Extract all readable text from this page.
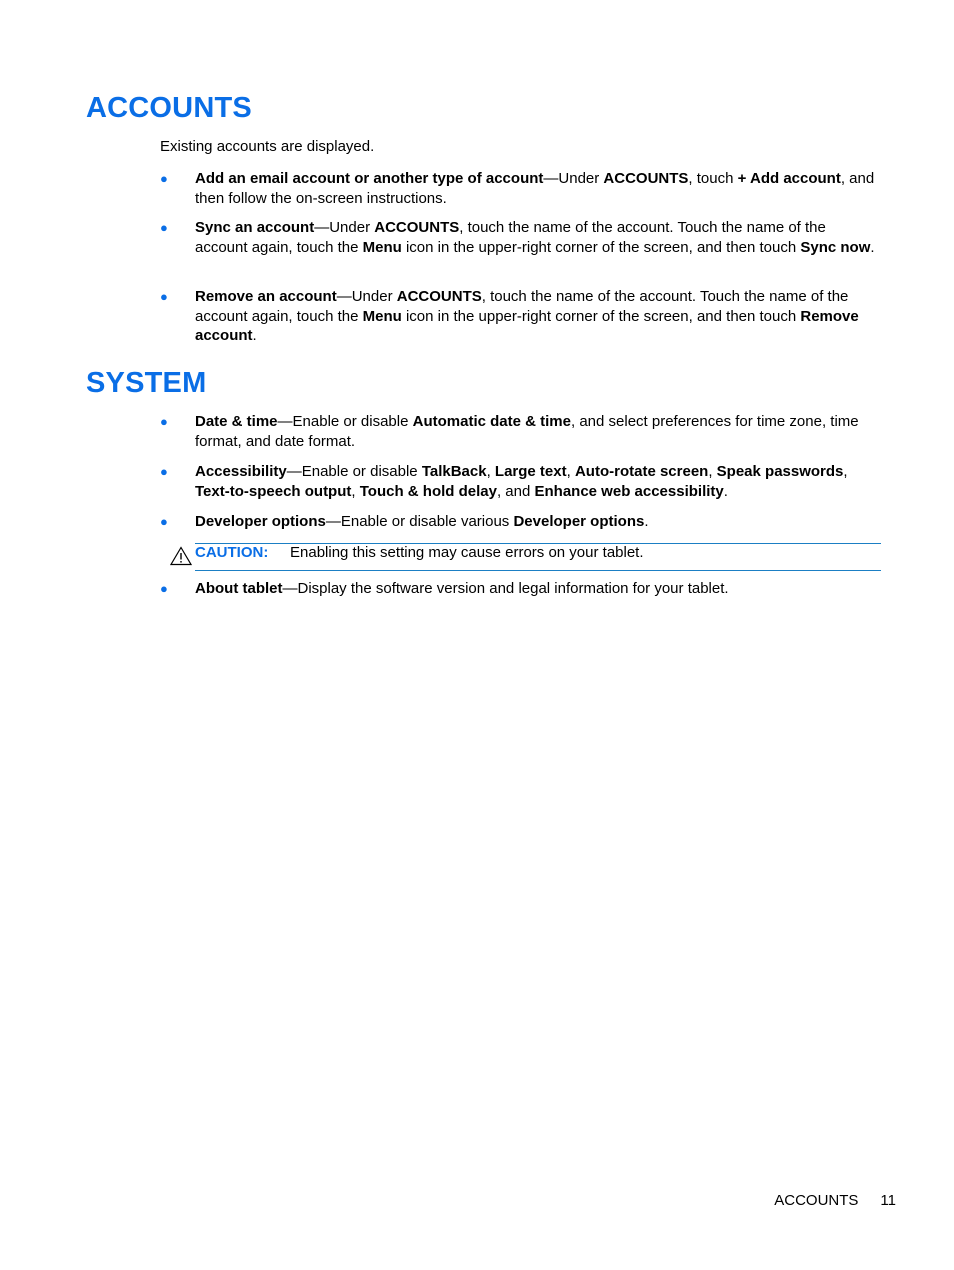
ACCOUNTS

Existing accounts are displayed.

● Add an email account or another type of account—Under ACCOUNTS, touch + Add account, and then follow the on-screen instructions.
● Sync an account—Under ACCOUNTS, touch the name of the account. Touch the name of the account again, touch the Menu icon in the upper-right corner of the screen, and then touch Sync now.
● Remove an account—Under ACCOUNTS, touch the name of the account. Touch the name of the account again, touch the Menu icon in the upper-right corner of the screen, and then touch Remove account.
SYSTEM
● Date & time—Enable or disable Automatic date & time, and select preferences for time zone, time format, and date format.
● Accessibility—Enable or disable TalkBack, Large text, Auto-rotate screen, Speak passwords, Text-to-speech output, Touch & hold delay, and Enhance web accessibility.
● Developer options—Enable or disable various Developer options.
CAUTION: Enabling this setting may cause errors on your tablet.
● About tablet—Display the software version and legal information for your tablet.
ACCOUNTS 11
